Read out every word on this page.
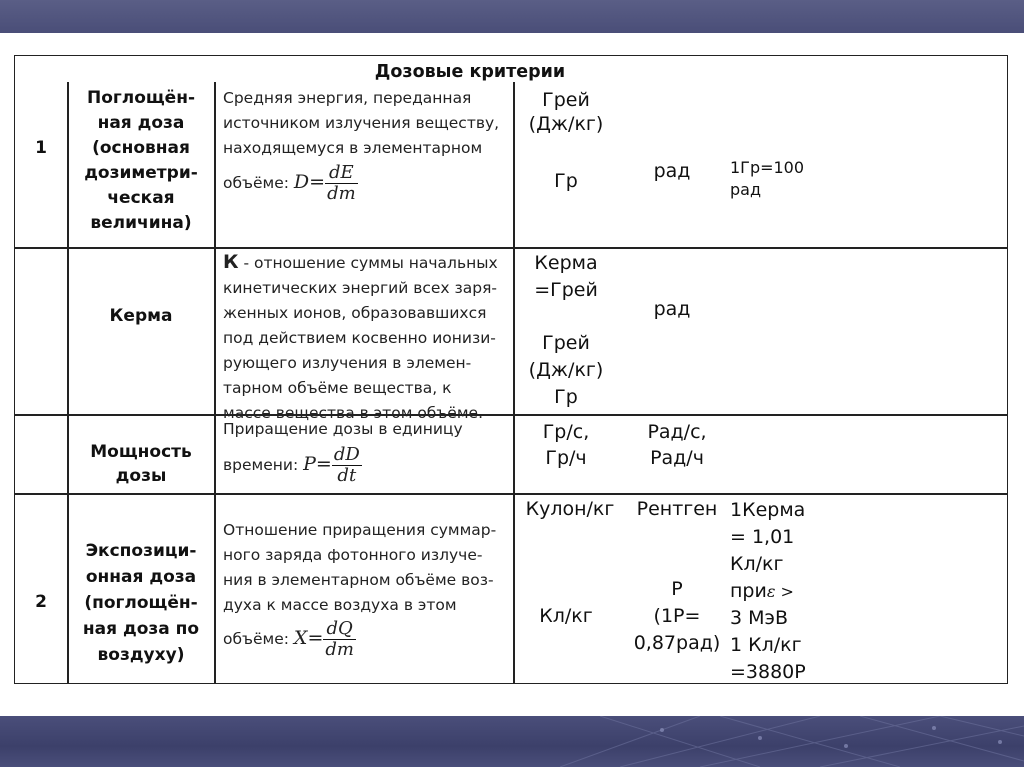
Дозовые критерии
1
Поглощён-
ная доза
(основная
дозиметри-
ческая
величина)
Средняя энергия, переданная
источником излучения веществу,
находящемуся в элементарном
объёме: $D= \frac{dE}{dm}$
Грей
(Дж/кг)
Гр	рад	1Гр=100
рад
Керма
К - отношение суммы начальных
кинетических энергий всех заря-
женных ионов, образовавшихся
под действием косвенно ионизи-
рующего излучения в элемен-
тарном объёме вещества, к
массе вещества в этом объёме.
Керма
=Грей
Грей
(Дж/кг)
Гр
рад
Мощность
дозы
Приращение дозы в единицу
времени: $P= \frac{dD}{dt}$
Гр/с,
Гр/ч
Рад/с,
Рад/ч
2
Экспозици-
онная доза
(поглощён-
ная доза по
воздуху)
Отношение приращения суммар-
ного заряда фотонного излуче-
ния в элементарном объёме воз-
духа к массе воздуха в этом
объёме: $X= \frac{dQ}{dm}$
Кулон/кг
Кл/кг
Рентген
Р
(1Р=
0,87рад)
1Керма
= 1,01
Кл/кг
приε >
3 МэВ
1 Кл/кг
=3880Р
